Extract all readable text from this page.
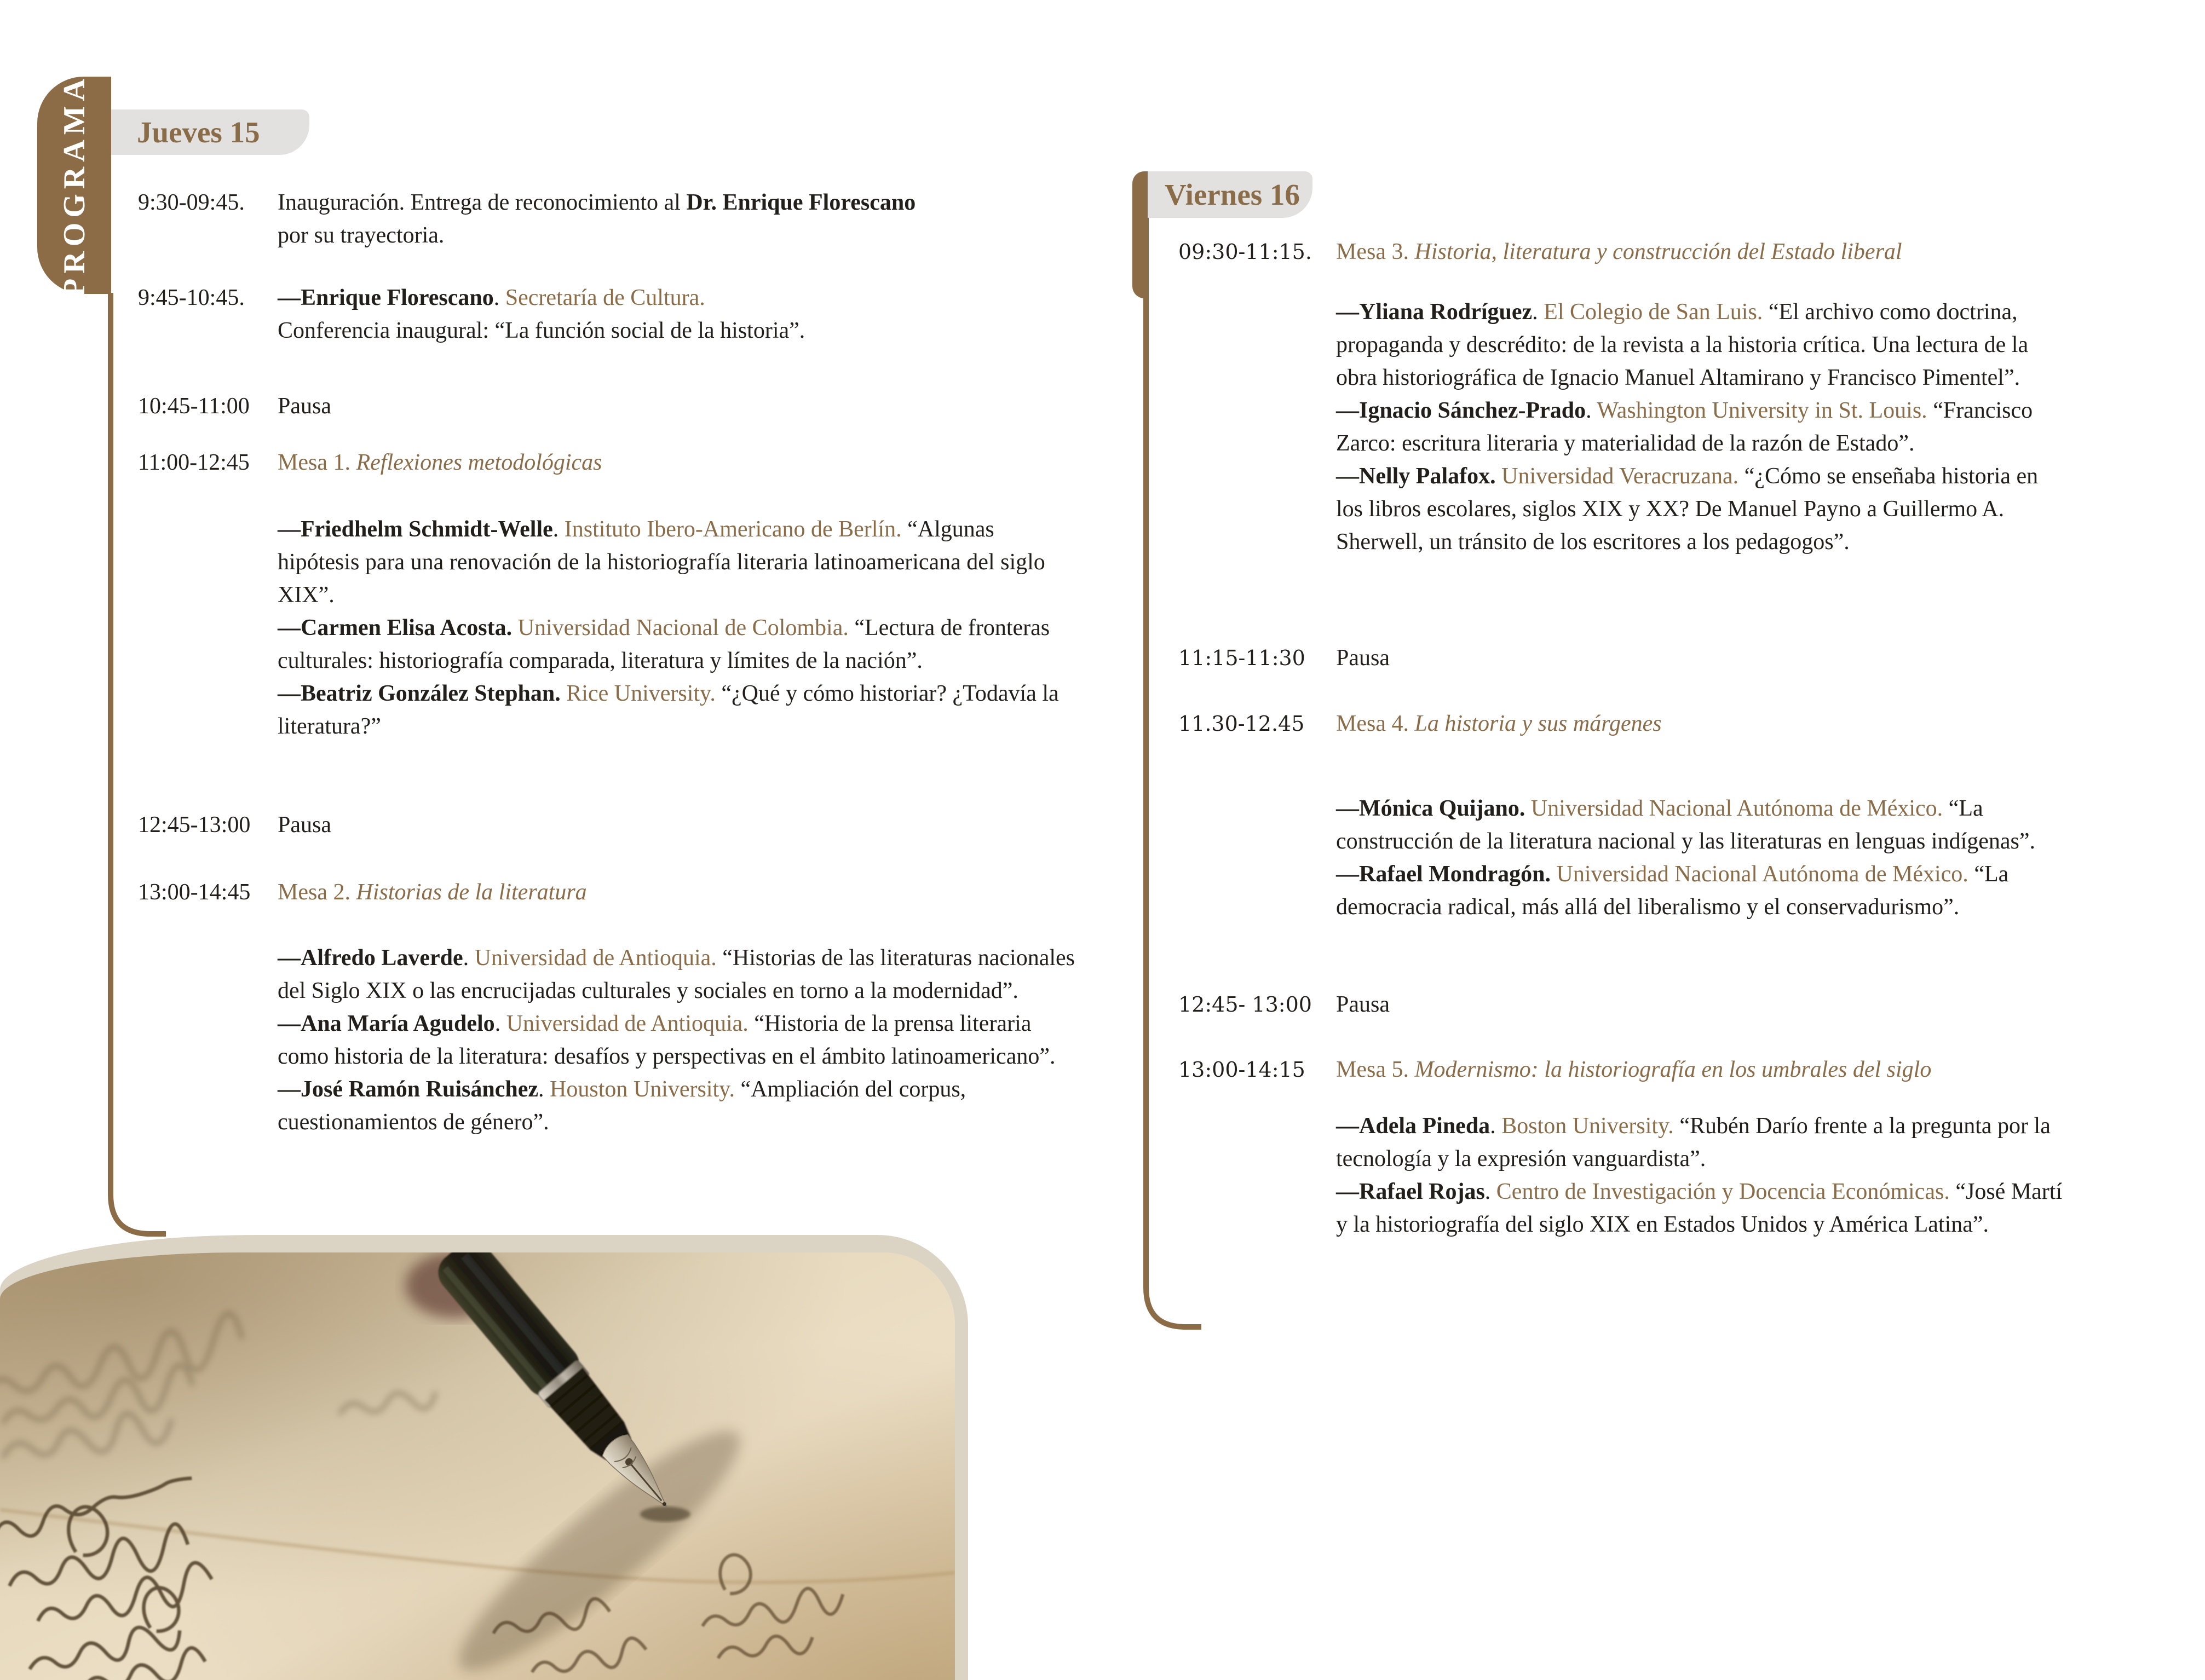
PROGRAMA	Jueves 15
Viernes 16
9:30-09:45. Inauguración. Entrega de reconocimiento al Dr. Enrique Florescano
por su trayectoria.

9:45-10:45. —Enrique Florescano. Secretaría de Cultura.
Conferencia inaugural: “La función social de la historia”.

10:45-11:00 Pausa

11:00-12:45 Mesa 1. Reflexiones metodológicas

—Friedhelm Schmidt-Welle. Instituto Ibero-Americano de Berlín. “Algunas hipótesis para una renovación de la historiografía literaria latinoamericana del siglo XIX”.

—Carmen Elisa Acosta. Universidad Nacional de Colombia. “Lectura de fronteras culturales: historiografía comparada, literatura y límites de la nación”.

—Beatriz González Stephan. Rice University. “¿Qué y cómo historiar? ¿Todavía la literatura?”

12:45-13:00 Pausa

13:00-14:45 Mesa 2. Historias de la literatura

—Alfredo Laverde. Universidad de Antioquia. “Historias de las literaturas nacionales del Siglo XIX o las encrucijadas culturales y sociales en torno a la modernidad”.

—Ana María Agudelo. Universidad de Antioquia. “Historia de la prensa literaria como historia de la literatura: desafíos y perspectivas en el ámbito latinoamericano”.

—José Ramón Ruisánchez. Houston University. “Ampliación del corpus, cuestionamientos de género”.

09:30-11:15. Mesa 3. Historia, literatura y construcción del Estado liberal

—Yliana Rodríguez. El Colegio de San Luis. “El archivo como doctrina, propaganda y descrédito: de la revista a la historia crítica. Una lectura de la obra historiográfica de Ignacio Manuel Altamirano y Francisco Pimentel”.

—Ignacio Sánchez-Prado. Washington University in St. Louis. “Francisco Zarco: escritura literaria y materialidad de la razón de Estado”.

—Nelly Palafox. Universidad Veracruzana. “¿Cómo se enseñaba historia en los libros escolares, siglos XIX y XX? De Manuel Payno a Guillermo A. Sherwell, un tránsito de los escritores a los pedagogos”.

11:15-11:30 Pausa

11.30-12.45 Mesa 4. La historia y sus márgenes

—Mónica Quijano. Universidad Nacional Autónoma de México. “La construcción de la literatura nacional y las literaturas en lenguas indígenas”.

—Rafael Mondragón. Universidad Nacional Autónoma de México. “La democracia radical, más allá del liberalismo y el conservadurismo”.

12:45- 13:00 Pausa

13:00-14:15 Mesa 5. Modernismo: la historiografía en los umbrales del siglo

—Adela Pineda. Boston University. “Rubén Darío frente a la pregunta por la tecnología y la expresión vanguardista”.

—Rafael Rojas. Centro de Investigación y Docencia Económicas. “José Martí y la historiografía del siglo XIX en Estados Unidos y América Latina”.
